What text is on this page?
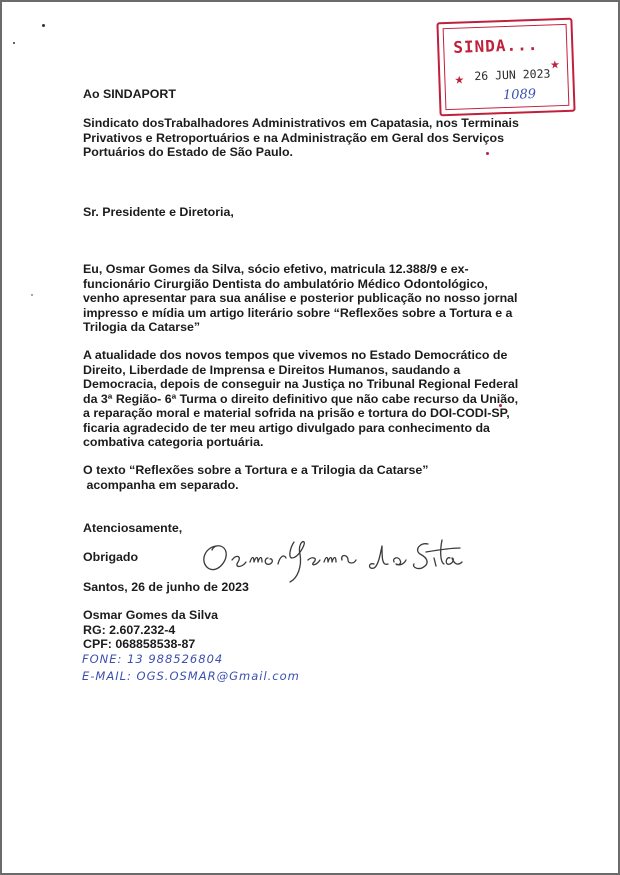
SINDA...
★
★
26 JUN 2023
1089

Ao SINDAPORT

Sindicato dosTrabalhadores Administrativos em Capatasia, nos Terminais

Privativos e Retroportuários e na Administração em Geral dos Serviços

Portuários do Estado de São Paulo.

Sr. Presidente e Diretoria,

Eu, Osmar Gomes da Silva, sócio efetivo, matricula 12.388/9 e ex-

funcionário Cirurgião Dentista do ambulatório Médico Odontológico,

venho apresentar para sua análise e posterior publicação no nosso jornal

impresso e mídia um artigo literário sobre “Reflexões sobre a Tortura e a

Trilogia da Catarse”

A atualidade dos novos tempos que vivemos no Estado Democrático de

Direito, Liberdade de Imprensa e Direitos Humanos, saudando a

Democracia, depois de conseguir na Justiça no Tribunal Regional Federal

da 3ª Região- 6ª Turma o direito definitivo que não cabe recurso da União,

a reparação moral e material sofrida na prisão e tortura do DOI-CODI-SP,

ficaria agradecido de ter meu artigo divulgado para conhecimento da

combativa categoria portuária.

O texto “Reflexões sobre a Tortura e a Trilogia da Catarse”

acompanha em separado.

Atenciosamente,

Obrigado

Santos, 26 de junho de 2023

Osmar Gomes da Silva

RG: 2.607.232-4

CPF: 068858538-87

FONE: 13 988526804
E-MAIL: OGS.OSMAR@Gmail.com
